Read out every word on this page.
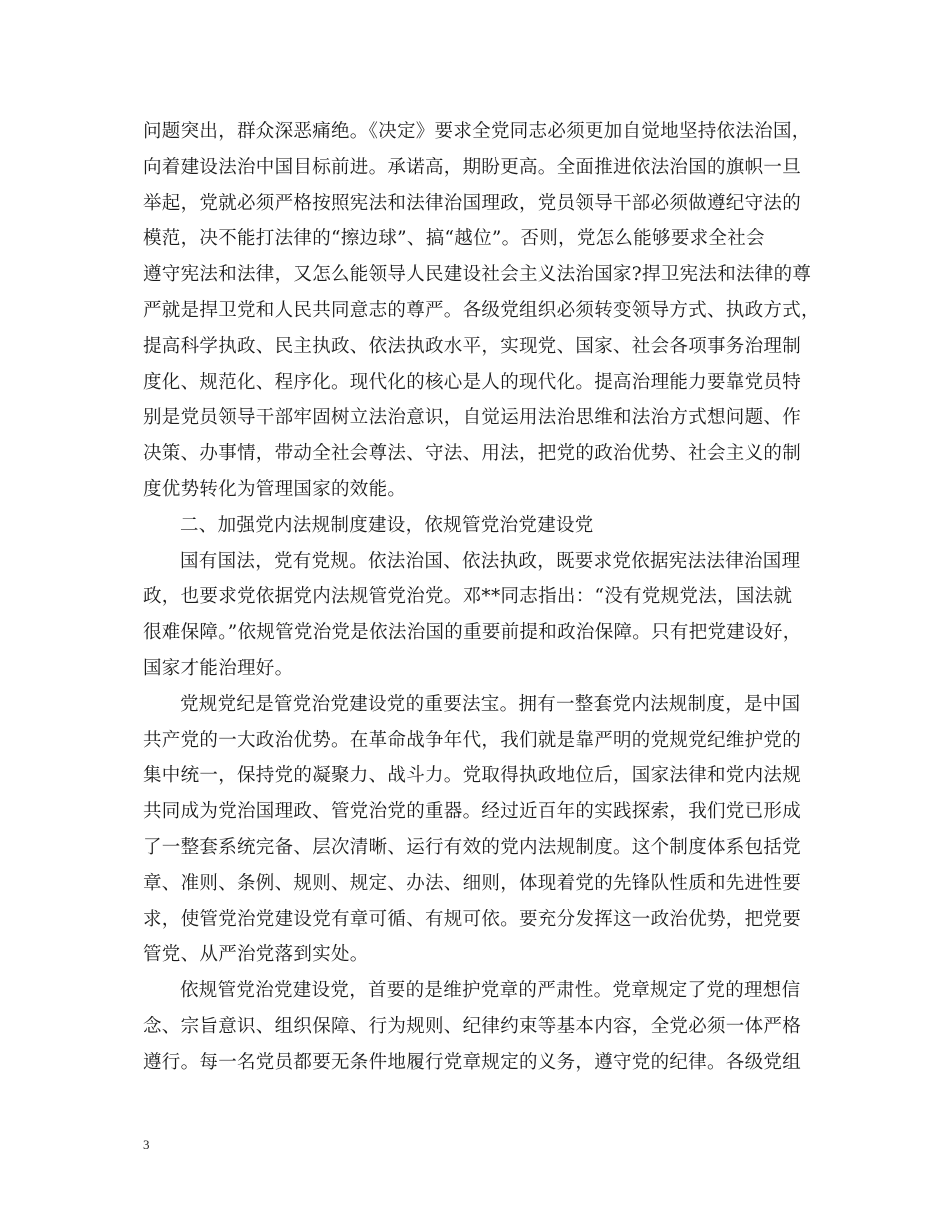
问题突出，群众深恶痛绝。《决定》要求全党同志必须更加自觉地坚持依法治国，
向着建设法治中国目标前进。承诺高，期盼更高。全面推进依法治国的旗帜一旦
举起，党就必须严格按照宪法和法律治国理政，党员领导干部必须做遵纪守法的
模范，决不能打法律的“擦边球”、搞“越位”。否则，党怎么能够要求全社会
遵守宪法和法律，又怎么能领导人民建设社会主义法治国家?捍卫宪法和法律的尊
严就是捍卫党和人民共同意志的尊严。各级党组织必须转变领导方式、执政方式，
提高科学执政、民主执政、依法执政水平，实现党、国家、社会各项事务治理制
度化、规范化、程序化。现代化的核心是人的现代化。提高治理能力要靠党员特
别是党员领导干部牢固树立法治意识，自觉运用法治思维和法治方式想问题、作
决策、办事情，带动全社会尊法、守法、用法，把党的政治优势、社会主义的制
度优势转化为管理国家的效能。

二、加强党内法规制度建设，依规管党治党建设党

国有国法，党有党规。依法治国、依法执政，既要求党依据宪法法律治国理
政，也要求党依据党内法规管党治党。邓**同志指出：“没有党规党法，国法就
很难保障。”依规管党治党是依法治国的重要前提和政治保障。只有把党建设好，
国家才能治理好。

党规党纪是管党治党建设党的重要法宝。拥有一整套党内法规制度，是中国
共产党的一大政治优势。在革命战争年代，我们就是靠严明的党规党纪维护党的
集中统一，保持党的凝聚力、战斗力。党取得执政地位后，国家法律和党内法规
共同成为党治国理政、管党治党的重器。经过近百年的实践探索，我们党已形成
了一整套系统完备、层次清晰、运行有效的党内法规制度。这个制度体系包括党
章、准则、条例、规则、规定、办法、细则，体现着党的先锋队性质和先进性要
求，使管党治党建设党有章可循、有规可依。要充分发挥这一政治优势，把党要
管党、从严治党落到实处。

依规管党治党建设党，首要的是维护党章的严肃性。党章规定了党的理想信
念、宗旨意识、组织保障、行为规则、纪律约束等基本内容，全党必须一体严格
遵行。每一名党员都要无条件地履行党章规定的义务，遵守党的纪律。各级党组

3
